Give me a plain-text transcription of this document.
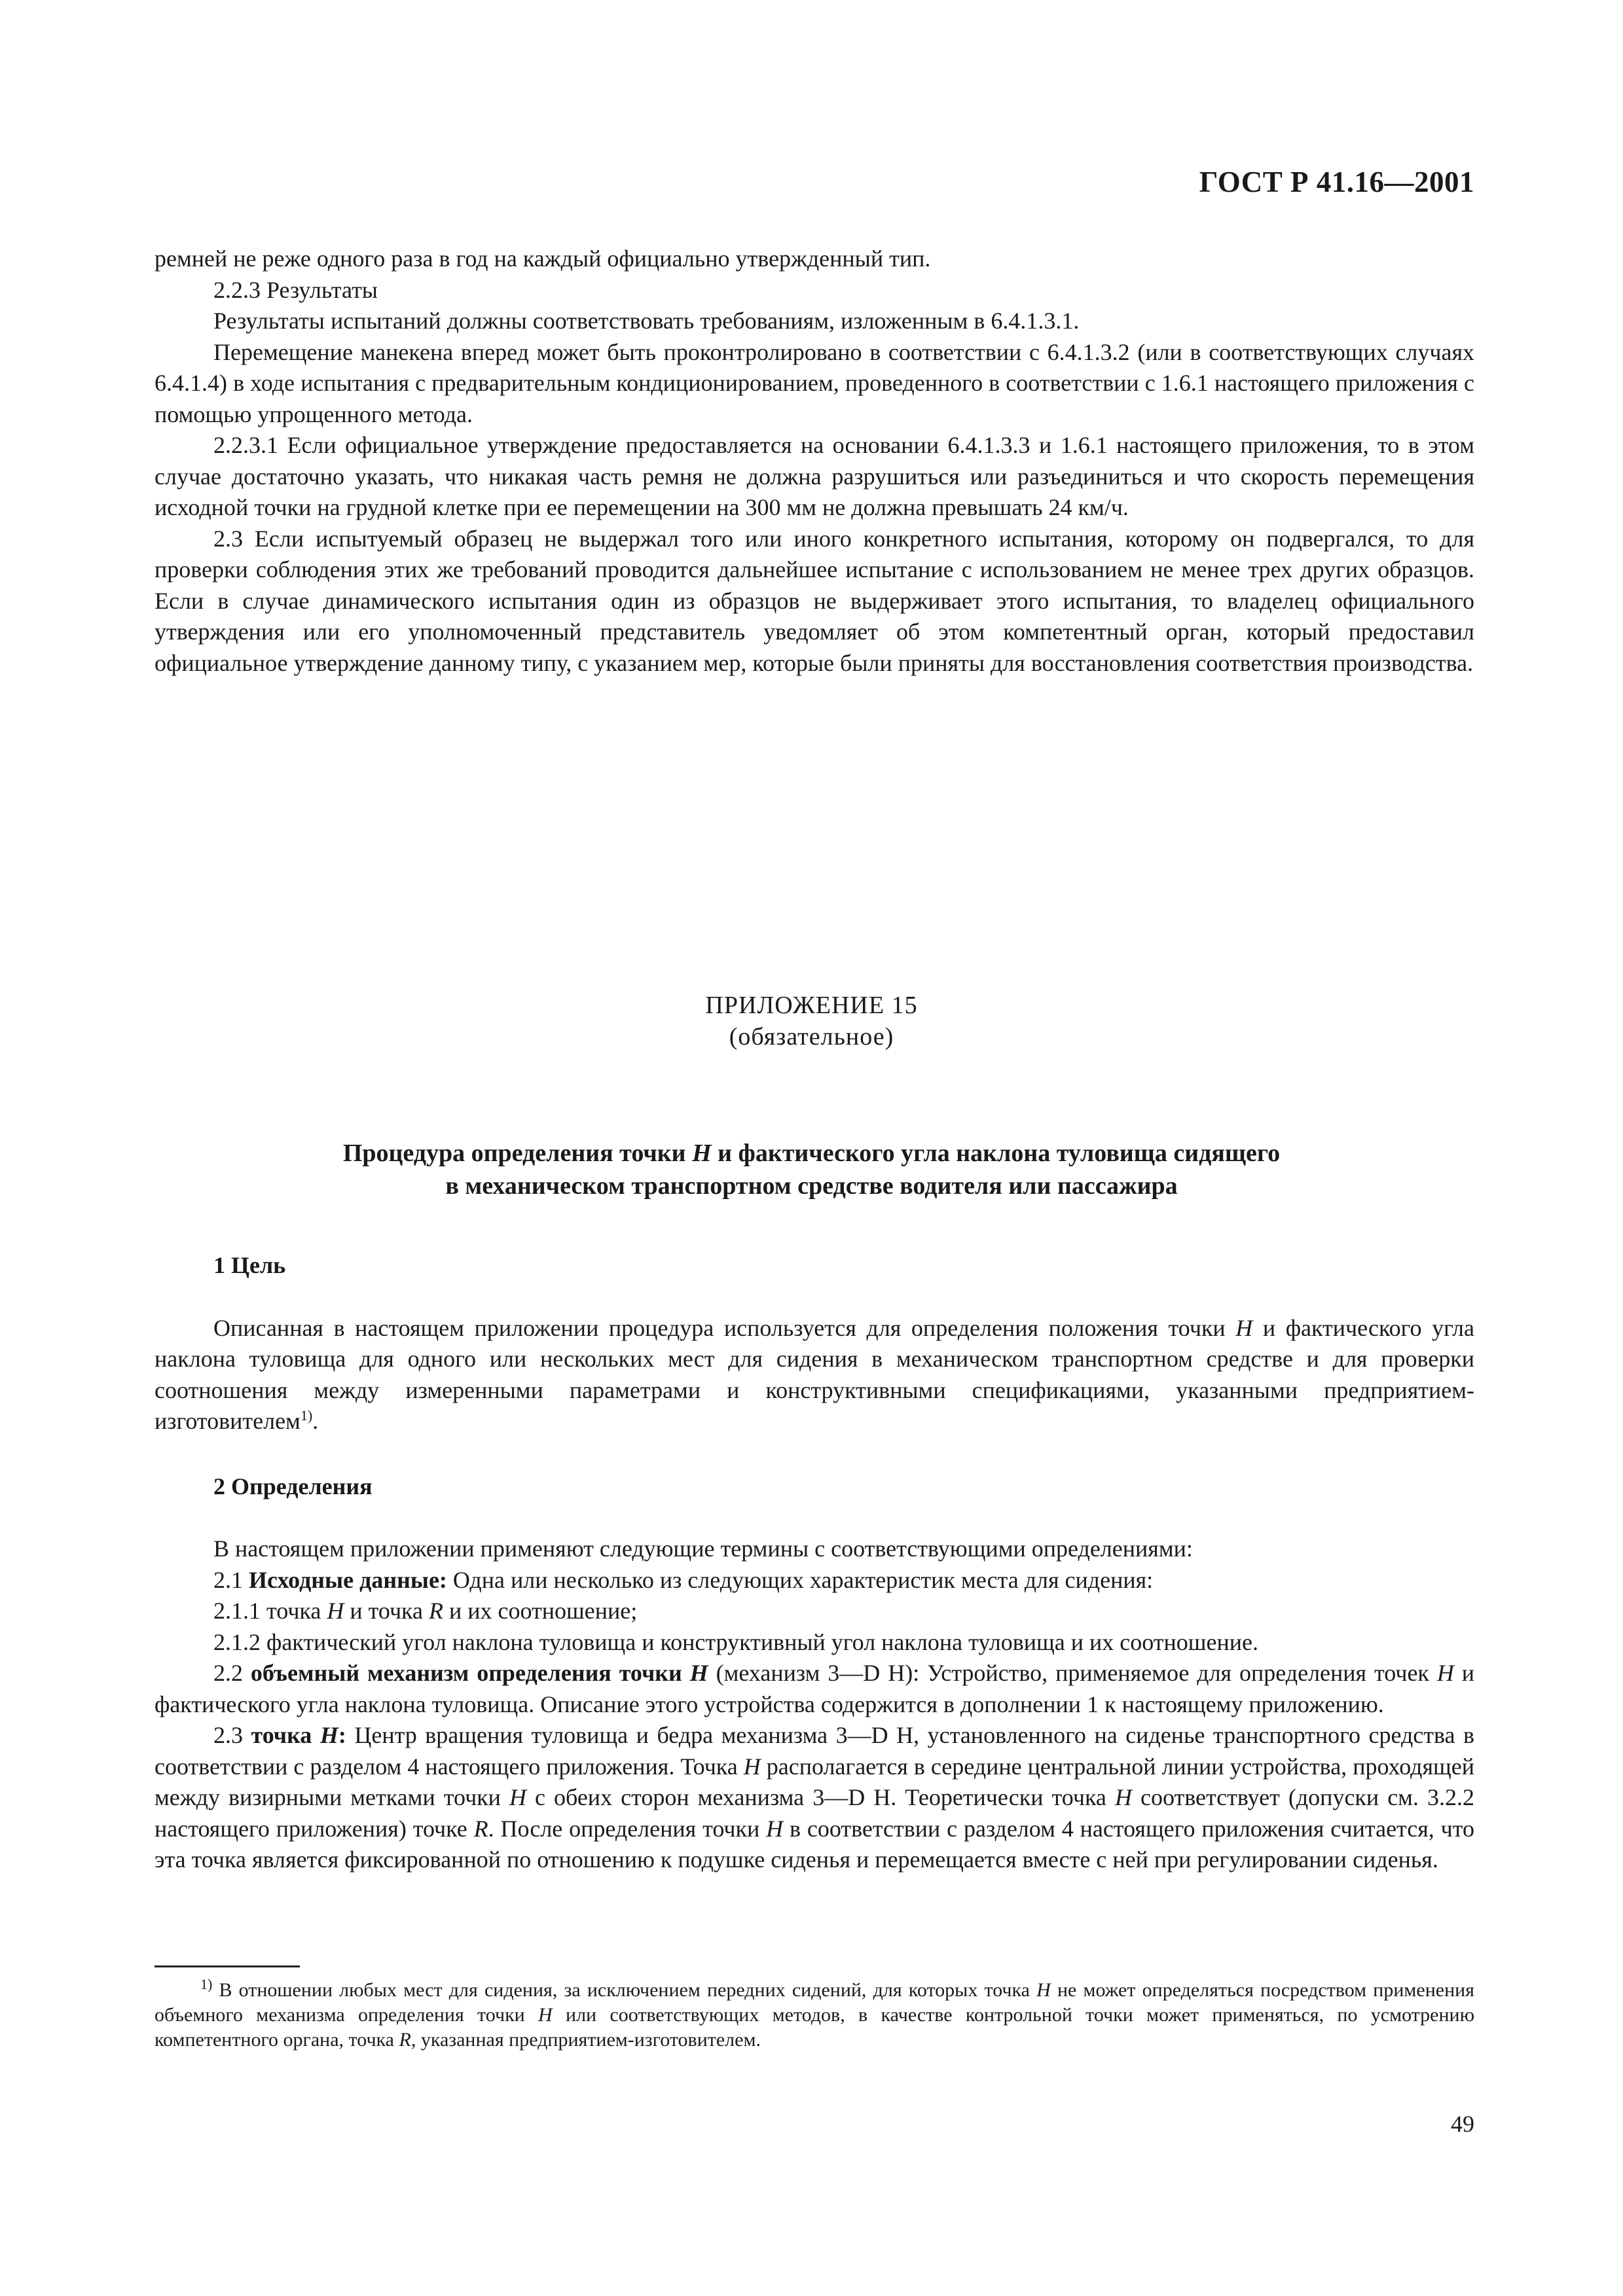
ГОСТ Р 41.16—2001

ремней не реже одного раза в год на каждый официально утвержденный тип.

2.2.3 Результаты

Результаты испытаний должны соответствовать требованиям, изложенным в 6.4.1.3.1.

Перемещение манекена вперед может быть проконтролировано в соответствии с 6.4.1.3.2 (или в соответствующих случаях 6.4.1.4) в ходе испытания с предварительным кондиционированием, проведенного в соответствии с 1.6.1 настоящего приложения с помощью упрощенного метода.

2.2.3.1 Если официальное утверждение предоставляется на основании 6.4.1.3.3 и 1.6.1 настоящего приложения, то в этом случае достаточно указать, что никакая часть ремня не должна разрушиться или разъединиться и что скорость перемещения исходной точки на грудной клетке при ее перемещении на 300 мм не должна превышать 24 км/ч.

2.3 Если испытуемый образец не выдержал того или иного конкретного испытания, которому он подвергался, то для проверки соблюдения этих же требований проводится дальнейшее испытание с использованием не менее трех других образцов. Если в случае динамического испытания один из образцов не выдерживает этого испытания, то владелец официального утверждения или его уполномоченный представитель уведомляет об этом компетентный орган, который предоставил официальное утверждение данному типу, с указанием мер, которые были приняты для восстановления соответствия производства.

ПРИЛОЖЕНИЕ 15
(обязательное)
Процедура определения точки H и фактического угла наклона туловища сидящего
в механическом транспортном средстве водителя или пассажира

1 Цель

Описанная в настоящем приложении процедура используется для определения положения точки H и фактического угла наклона туловища для одного или нескольких мест для сидения в механическом транспортном средстве и для проверки соотношения между измеренными параметрами и конструктивными спецификациями, указанными предприятием-изготовителем$^{1)}$.

2 Определения

В настоящем приложении применяют следующие термины с соответствующими определениями:

2.1 Исходные данные: Одна или несколько из следующих характеристик места для сидения:

2.1.1 точка H и точка R и их соотношение;

2.1.2 фактический угол наклона туловища и конструктивный угол наклона туловища и их соотношение.

2.2 объемный механизм определения точки H (механизм 3—D H): Устройство, применяемое для определения точек H и фактического угла наклона туловища. Описание этого устройства содержится в дополнении 1 к настоящему приложению.

2.3 точка H: Центр вращения туловища и бедра механизма 3—D H, установленного на сиденье транспортного средства в соответствии с разделом 4 настоящего приложения. Точка H располагается в середине центральной линии устройства, проходящей между визирными метками точки H с обеих сторон механизма 3—D H. Теоретически точка H соответствует (допуски см. 3.2.2 настоящего приложения) точке R. После определения точки H в соответствии с разделом 4 настоящего приложения считается, что эта точка является фиксированной по отношению к подушке сиденья и перемещается вместе с ней при регулировании сиденья.

$^{1)}$ В отношении любых мест для сидения, за исключением передних сидений, для которых точка H не может определяться посредством применения объемного механизма определения точки H или соответствующих методов, в качестве контрольной точки может применяться, по усмотрению компетентного органа, точка R, указанная предприятием-изготовителем.

49
